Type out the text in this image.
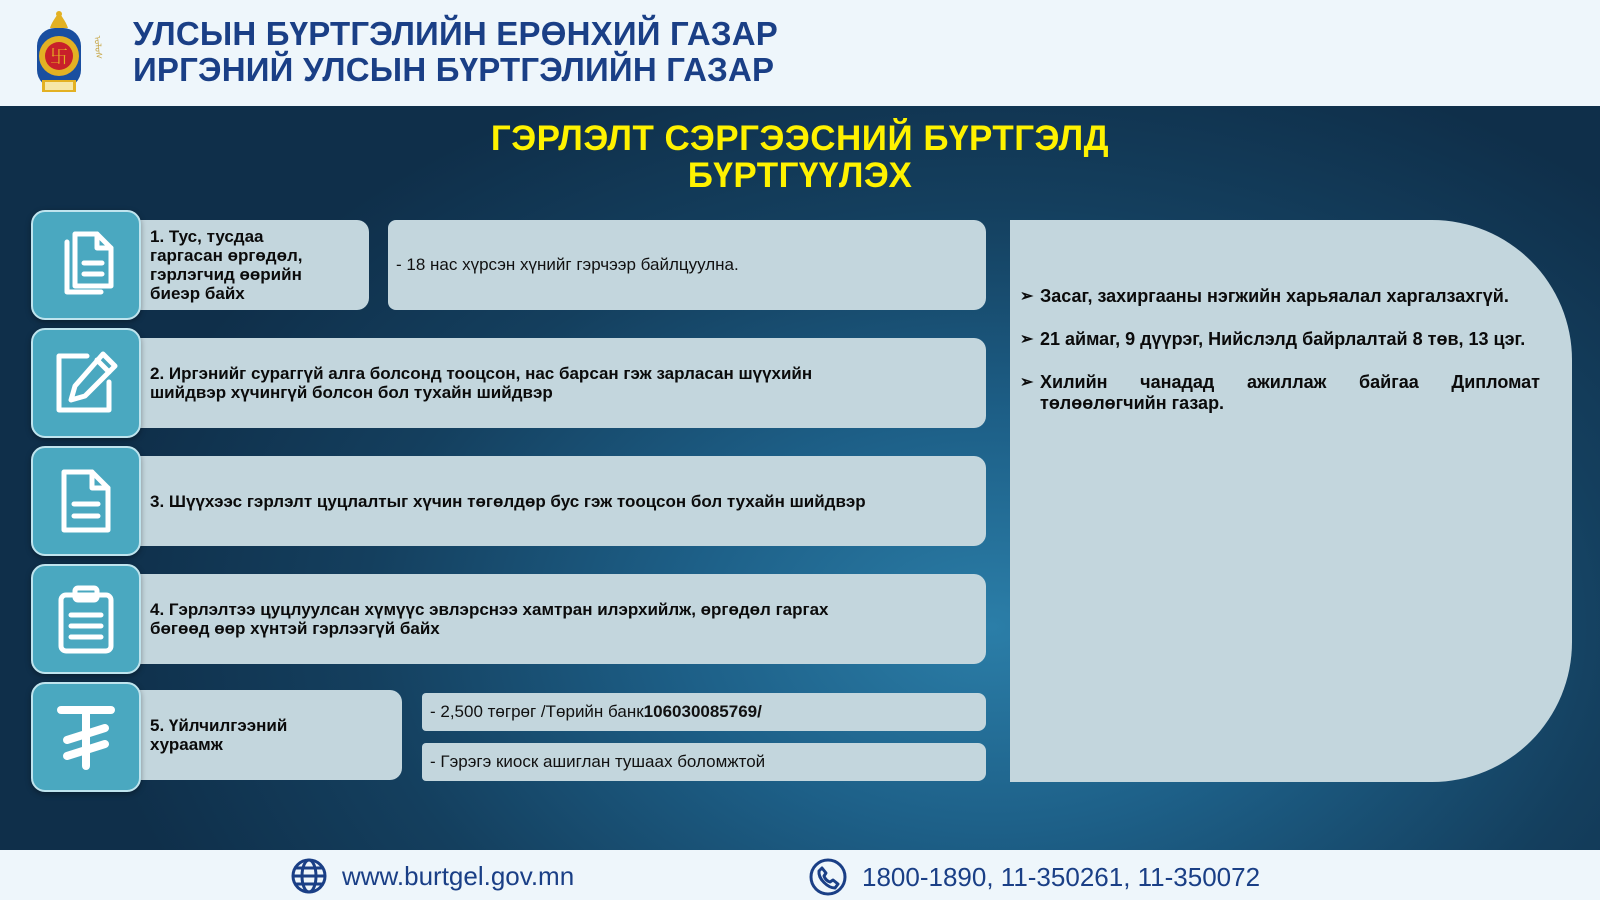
ᠤᠯᠤᠰ
卐
УЛСЫН БҮРТГЭЛИЙН ЕРӨНХИЙ ГАЗАР
ИРГЭНИЙ УЛСЫН БҮРТГЭЛИЙН ГАЗАР
ГЭРЛЭЛТ СЭРГЭЭСНИЙ БҮРТГЭЛД
БҮРТГҮҮЛЭХ
1. Тус, тусдаа
гаргасан өргөдөл,
гэрлэгчид өөрийн
биеэр байх
- 18 нас хүрсэн хүнийг гэрчээр байлцуулна.
2. Иргэнийг сураггүй алга болсонд тооцсон, нас барсан гэж зарласан шүүхийн
шийдвэр хүчингүй болсон бол тухайн шийдвэр
3. Шүүхээс гэрлэлт цуцлалтыг хүчин төгөлдөр бус гэж тооцсон бол тухайн шийдвэр
4. Гэрлэлтээ цуцлуулсан хүмүүс эвлэрснээ хамтран илэрхийлж, өргөдөл гаргах
бөгөөд өөр хүнтэй гэрлээгүй байх
5. Үйлчилгээний
хураамж
- 2,500 төгрөг /Төрийн банк 106030085769/
- Гэрэгэ киоск ашиглан тушаах боломжтой
➢ Засаг, захиргааны нэгжийн харьяалал харгалзахгүй.
➢ 21 аймаг, 9 дүүрэг, Нийслэлд байрлалтай 8 төв, 13 цэг.
➢ Хилийн чанадад ажиллаж байгаа Дипломат төлөөлөгчийн газар.
www.burtgel.gov.mn	1800-1890, 11-350261, 11-350072
